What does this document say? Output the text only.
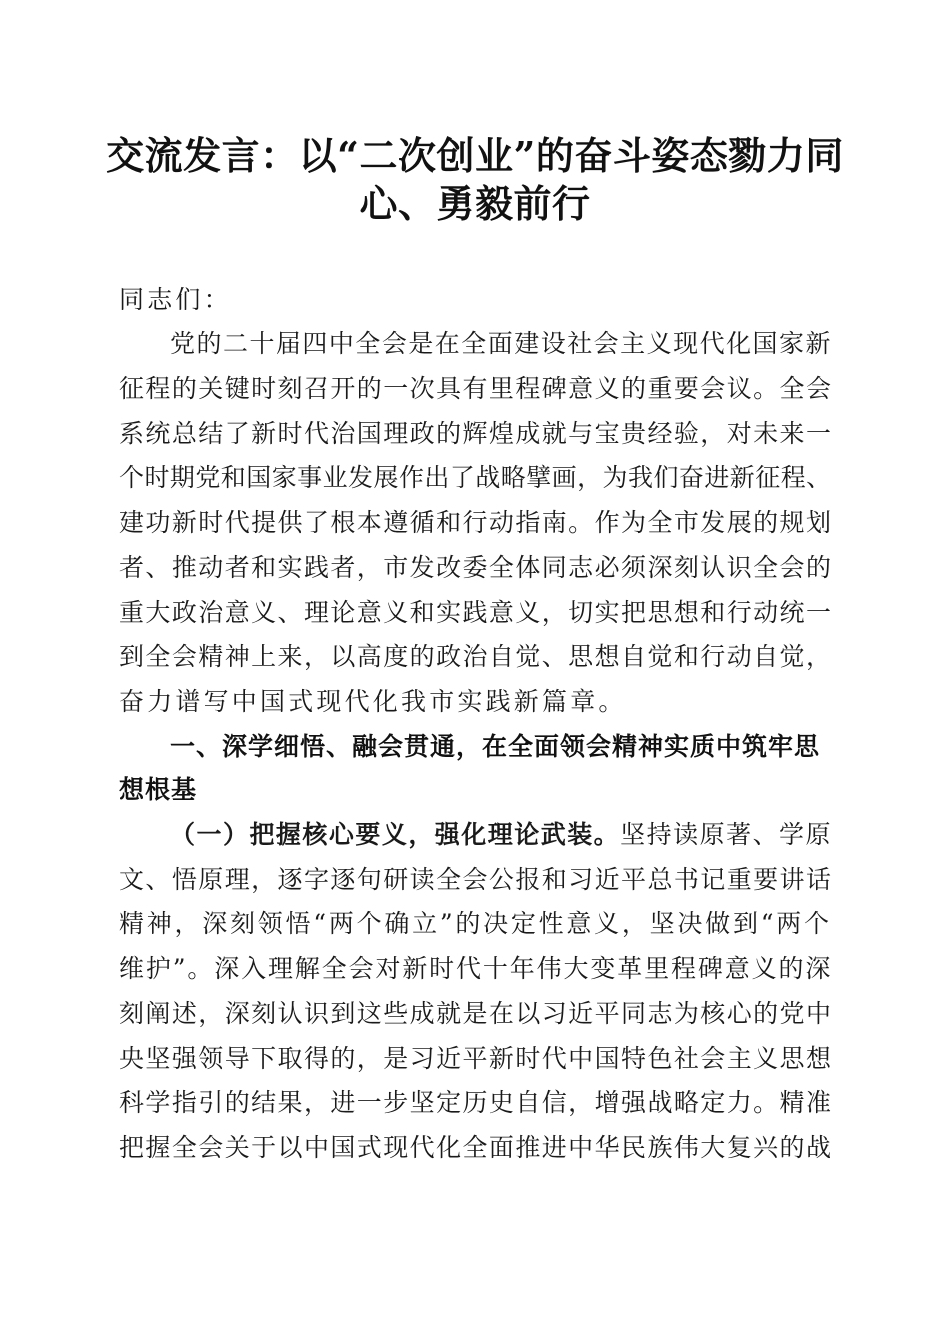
交流发言：以“二次创业”的奋斗姿态勠力同
心、勇毅前行
同志们：
党的二十届四中全会是在全面建设社会主义现代化国家新
征程的关键时刻召开的一次具有里程碑意义的重要会议。全会
系统总结了新时代治国理政的辉煌成就与宝贵经验，对未来一
个时期党和国家事业发展作出了战略擘画，为我们奋进新征程、
建功新时代提供了根本遵循和行动指南。作为全市发展的规划
者、推动者和实践者，市发改委全体同志必须深刻认识全会的
重大政治意义、理论意义和实践意义，切实把思想和行动统一
到全会精神上来，以高度的政治自觉、思想自觉和行动自觉，
奋力谱写中国式现代化我市实践新篇章。
一、深学细悟、融会贯通，在全面领会精神实质中筑牢思
想根基
（一）把握核心要义，强化理论武装。坚持读原著、学原
文、悟原理，逐字逐句研读全会公报和习近平总书记重要讲话
精神，深刻领悟“两个确立”的决定性意义，坚决做到“两个
维护”。深入理解全会对新时代十年伟大变革里程碑意义的深
刻阐述，深刻认识到这些成就是在以习近平同志为核心的党中
央坚强领导下取得的，是习近平新时代中国特色社会主义思想
科学指引的结果，进一步坚定历史自信，增强战略定力。精准
把握全会关于以中国式现代化全面推进中华民族伟大复兴的战
